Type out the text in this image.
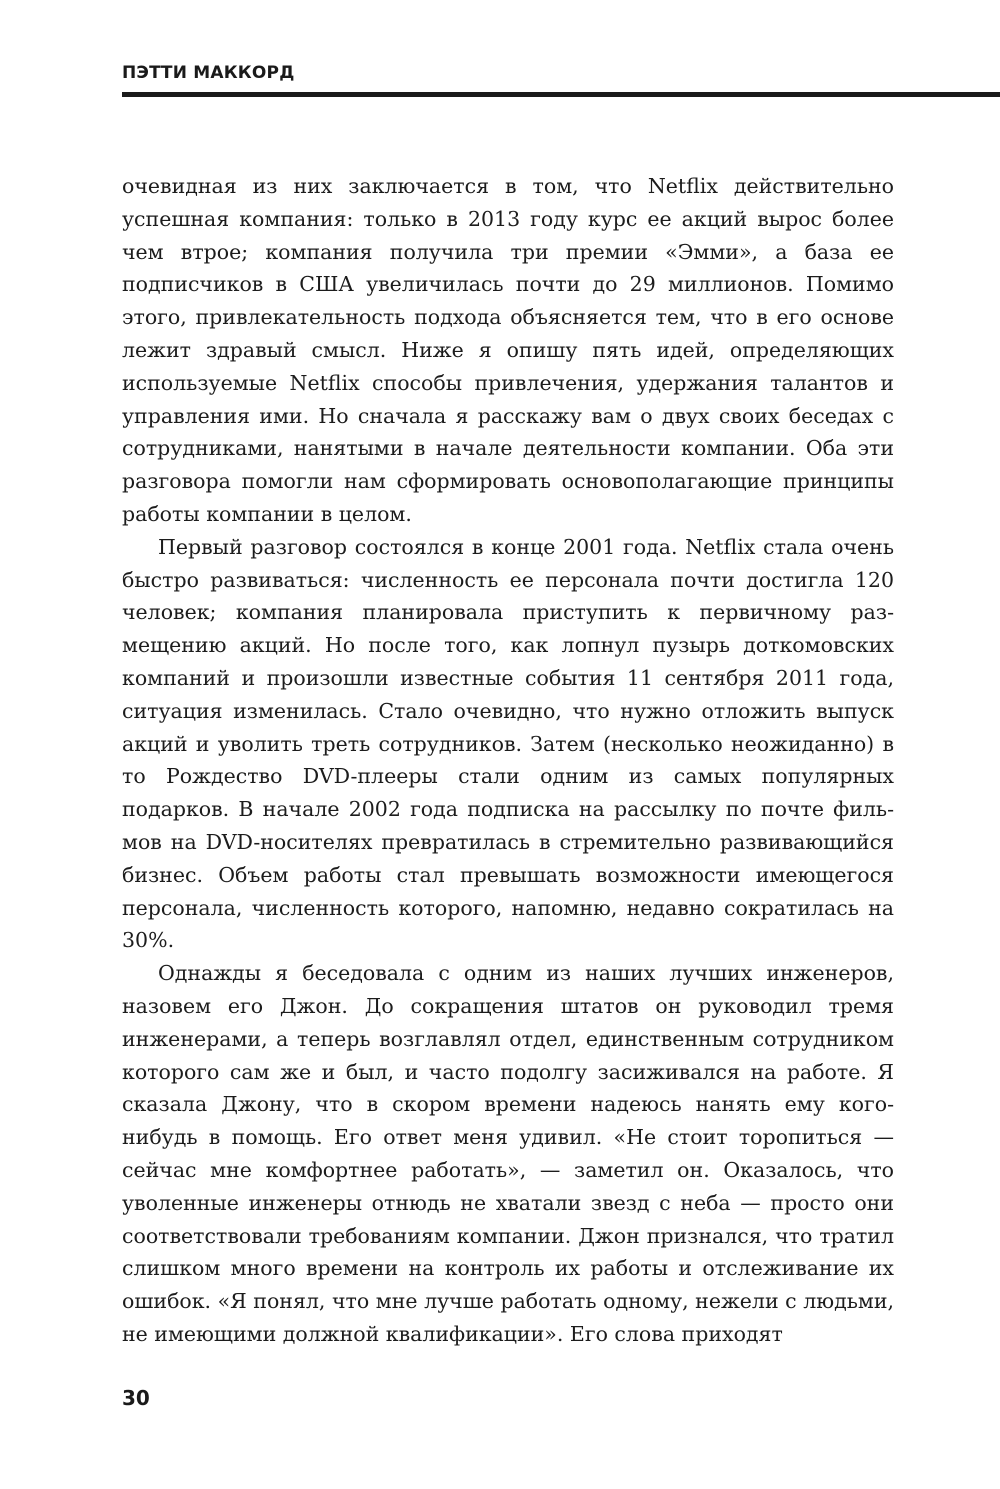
ПЭТТИ МАККОРД

очевидная из них заключается в том, что Netflix действительно успешная компания: только в 2013 году курс ее акций вырос более чем втрое; компания получила три премии «Эмми», а база ее подписчиков в США увеличилась почти до 29 миллионов. Помимо этого, привлекательность подхода объясняется тем, что в его основе лежит здравый смысл. Ниже я опишу пять идей, определяющих используемые Netflix способы привлечения, удержания талантов и управления ими. Но сначала я расскажу вам о двух своих беседах с сотрудниками, нанятыми в начале деятельности компании. Оба эти разговора помогли нам сформировать основополагающие принципы работы компании в целом.

Первый разговор состоялся в конце 2001 года. Netflix стала очень быстро развиваться: численность ее персонала почти достигла 120 человек; компания планировала приступить к первичному размещению акций. Но после того, как лопнул пузырь доткомовских компаний и произошли известные события 11 сентября 2011 года, ситуация изменилась. Стало очевидно, что нужно отложить выпуск акций и уволить треть сотрудников. Затем (несколько неожиданно) в то Рождество DVD-плееры стали одним из самых популярных подарков. В начале 2002 года подписка на рассылку по почте фильмов на DVD-носителях превратилась в стремительно развивающийся бизнес. Объем работы стал превышать возможности имеющегося персонала, численность которого, напомню, недавно сократилась на 30%.

Однажды я беседовала с одним из наших лучших инженеров, назовем его Джон. До сокращения штатов он руководил тремя инженерами, а теперь возглавлял отдел, единственным сотрудником которого сам же и был, и часто подолгу засиживался на работе. Я сказала Джону, что в скором времени надеюсь нанять ему кого-нибудь в помощь. Его ответ меня удивил. «Не стоит торопиться — сейчас мне комфортнее работать», — заметил он. Оказалось, что уволенные инженеры отнюдь не хватали звезд с неба — просто они соответствовали требованиям компании. Джон признался, что тратил слишком много времени на контроль их работы и отслеживание их ошибок. «Я понял, что мне лучше работать одному, нежели с людьми, не имеющими должной квалификации». Его слова приходят

30
